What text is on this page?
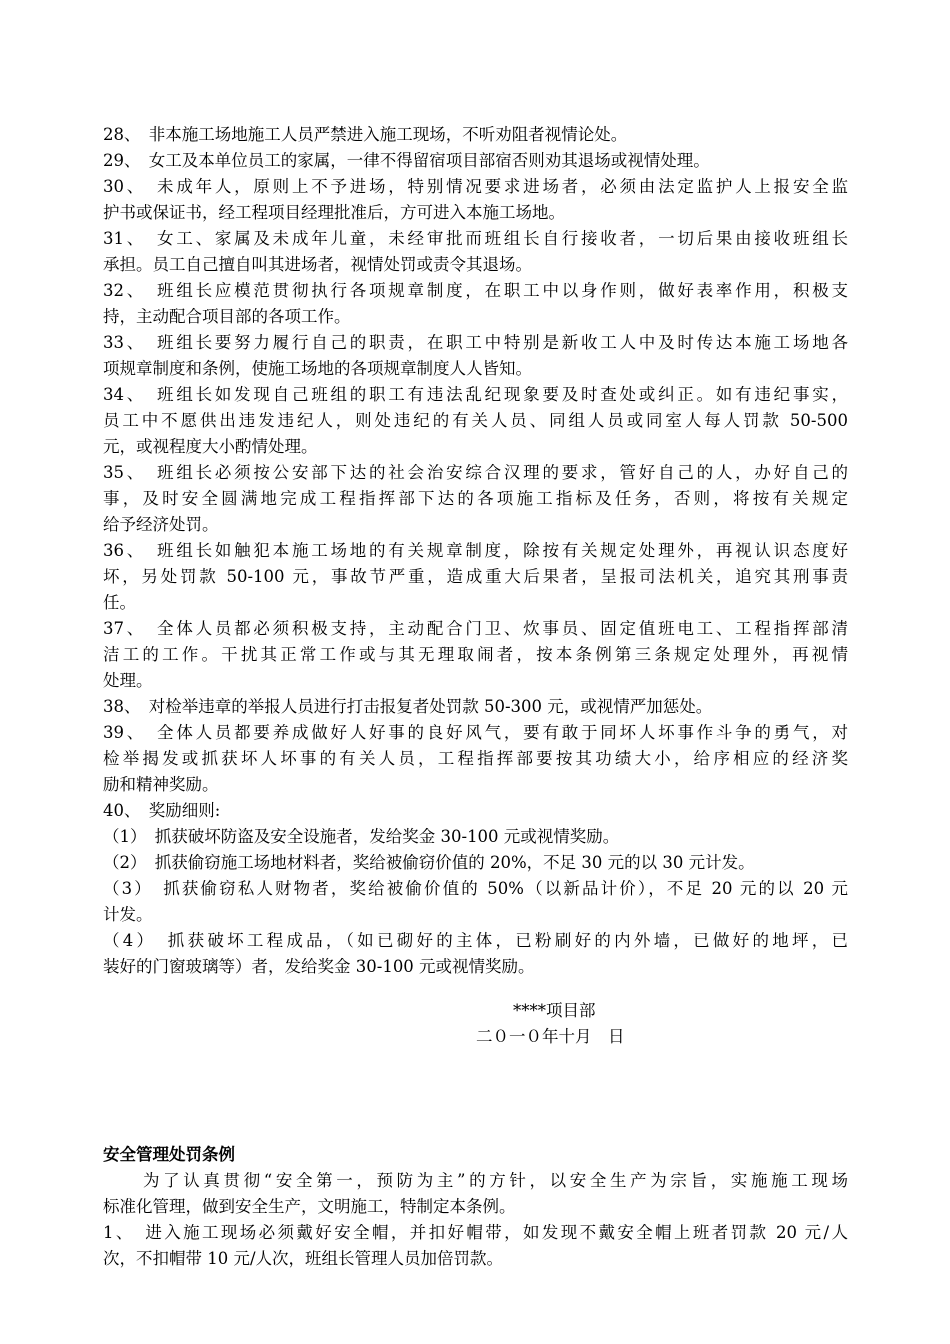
28、　非本施工场地施工人员严禁进入施工现场，不听劝阻者视情论处。
29、　女工及本单位员工的家属，一律不得留宿项目部宿否则劝其退场或视情处理。
30、　未成年人，原则上不予进场，特别情况要求进场者，必须由法定监护人上报安全监
护书或保证书，经工程项目经理批准后，方可进入本施工场地。
31、　女工、家属及未成年儿童，未经审批而班组长自行接收者，一切后果由接收班组长
承担。员工自己擅自叫其进场者，视情处罚或责令其退场。
32、　班组长应模范贯彻执行各项规章制度，在职工中以身作则，做好表率作用，积极支
持，主动配合项目部的各项工作。
33、　班组长要努力履行自己的职责，在职工中特别是新收工人中及时传达本施工场地各
项规章制度和条例，使施工场地的各项规章制度人人皆知。
34、　班组长如发现自己班组的职工有违法乱纪现象要及时查处或纠正。如有违纪事实，
员工中不愿供出违发违纪人，则处违纪的有关人员、同组人员或同室人每人罚款 50-500
元，或视程度大小酌情处理。
35、　班组长必须按公安部下达的社会治安综合汉理的要求，管好自己的人，办好自己的
事，及时安全圆满地完成工程指挥部下达的各项施工指标及任务，否则，将按有关规定
给予经济处罚。
36、　班组长如触犯本施工场地的有关规章制度，除按有关规定处理外，再视认识态度好
坏，另处罚款 50-100 元，事故节严重，造成重大后果者，呈报司法机关，追究其刑事责
任。
37、　全体人员都必须积极支持，主动配合门卫、炊事员、固定值班电工、工程指挥部清
洁工的工作。干扰其正常工作或与其无理取闹者，按本条例第三条规定处理外，再视情
处理。
38、　对检举违章的举报人员进行打击报复者处罚款 50-300 元，或视情严加惩处。
39、　全体人员都要养成做好人好事的良好风气，要有敢于同坏人坏事作斗争的勇气，对
检举揭发或抓获坏人坏事的有关人员，工程指挥部要按其功绩大小，给序相应的经济奖
励和精神奖励。
40、　奖励细则:
（1）　抓获破坏防盗及安全设施者，发给奖金 30-100 元或视情奖励。
（2）　抓获偷窃施工场地材料者，奖给被偷窃价值的 20%，不足 30 元的以 30 元计发。
（3）　抓获偷窃私人财物者，奖给被偷价值的 50%（以新品计价），不足 20 元的以 20 元
计发。
（4）　抓获破坏工程成品，（如已砌好的主体，已粉刷好的内外墙，已做好的地坪，已
装好的门窗玻璃等）者，发给奖金 30-100 元或视情奖励。
****项目部
二０一０年十月　日
安全管理处罚条例
为了认真贯彻“安全第一，预防为主”的方针，以安全生产为宗旨，实施施工现场
标准化管理，做到安全生产，文明施工，特制定本条例。
1、　进入施工现场必须戴好安全帽，并扣好帽带，如发现不戴安全帽上班者罚款 20 元/人
次，不扣帽带 10 元/人次，班组长管理人员加倍罚款。
